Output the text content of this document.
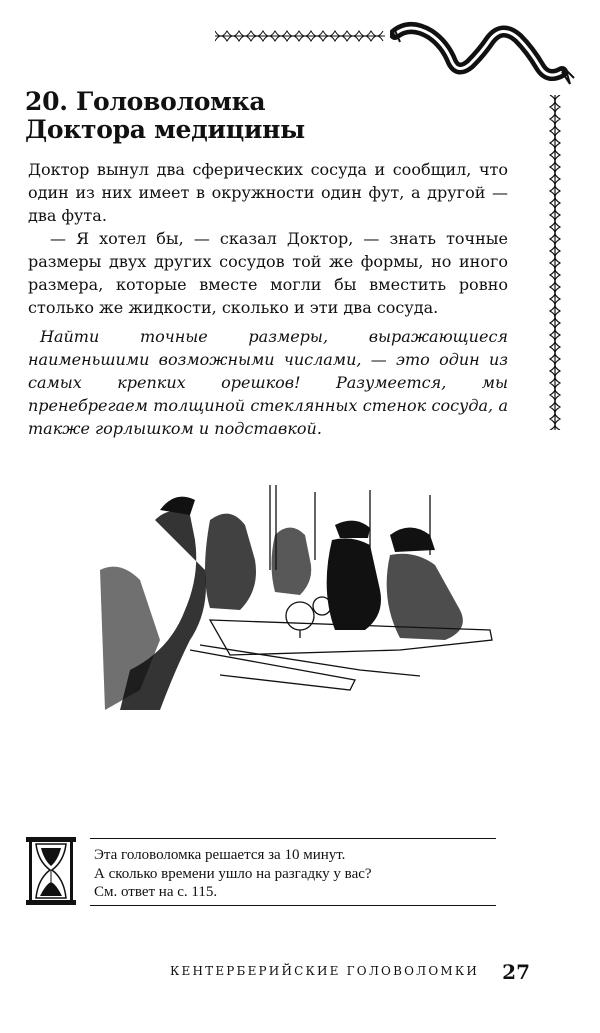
20. Головоломка
Доктора медицины

Доктор вынул два сферических сосуда и сообщил, что один из них имеет в окружности один фут, а другой — два фута.

— Я хотел бы, — сказал Доктор, — знать точные размеры двух других сосудов той же формы, но иного размера, которые вместе могли бы вместить ровно столько же жидкости, сколько и эти два сосуда.

Найти точные размеры, выражающиеся наименьшими возможными числами, — это один из самых крепких орешков! Разумеется, мы пренебрегаем толщиной стеклянных стенок сосуда, а также горлышком и подставкой.

Эта головоломка решается за 10 минут.
А сколько времени ушло на разгадку у вас?
См. ответ на с. 115.
КЕНТЕРБЕРИЙСКИЕ ГОЛОВОЛОМКИ 27
